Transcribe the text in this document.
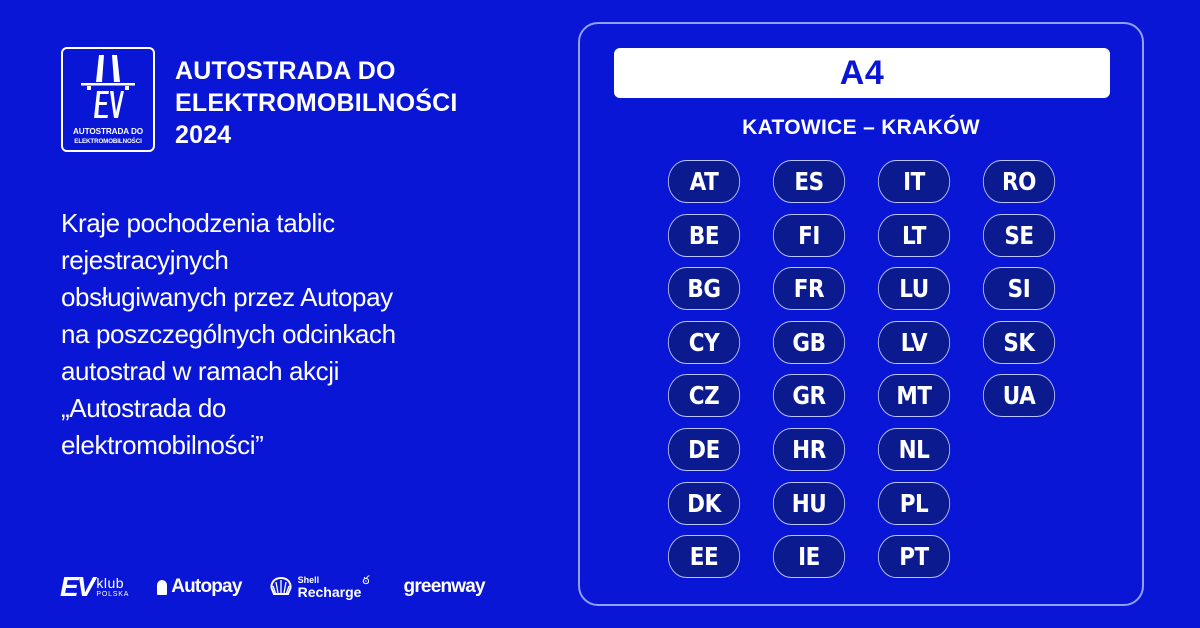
AUTOSTRADA DO
ELEKTROMOBILNOŚCI
AUTOSTRADA DO
ELEKTROMOBILNOŚCI
2024
Kraje pochodzenia tablic
rejestracyjnych
obsługiwanych przez Autopay
na poszczególnych odcinkach
autostrad w ramach akcji
„Autostrada do
elektromobilności”
EV klub
POLSKA Autopay	Shell
Recharge
ఠ greenway
A4
KATOWICE – KRAKÓW
AT
BE
BG
CY
CZ
DE
DK
EE
ES
FI
FR
GB
GR
HR
HU
IE
IT
LT
LU
LV
MT
NL
PL
PT
RO
SE
SI
SK
UA
